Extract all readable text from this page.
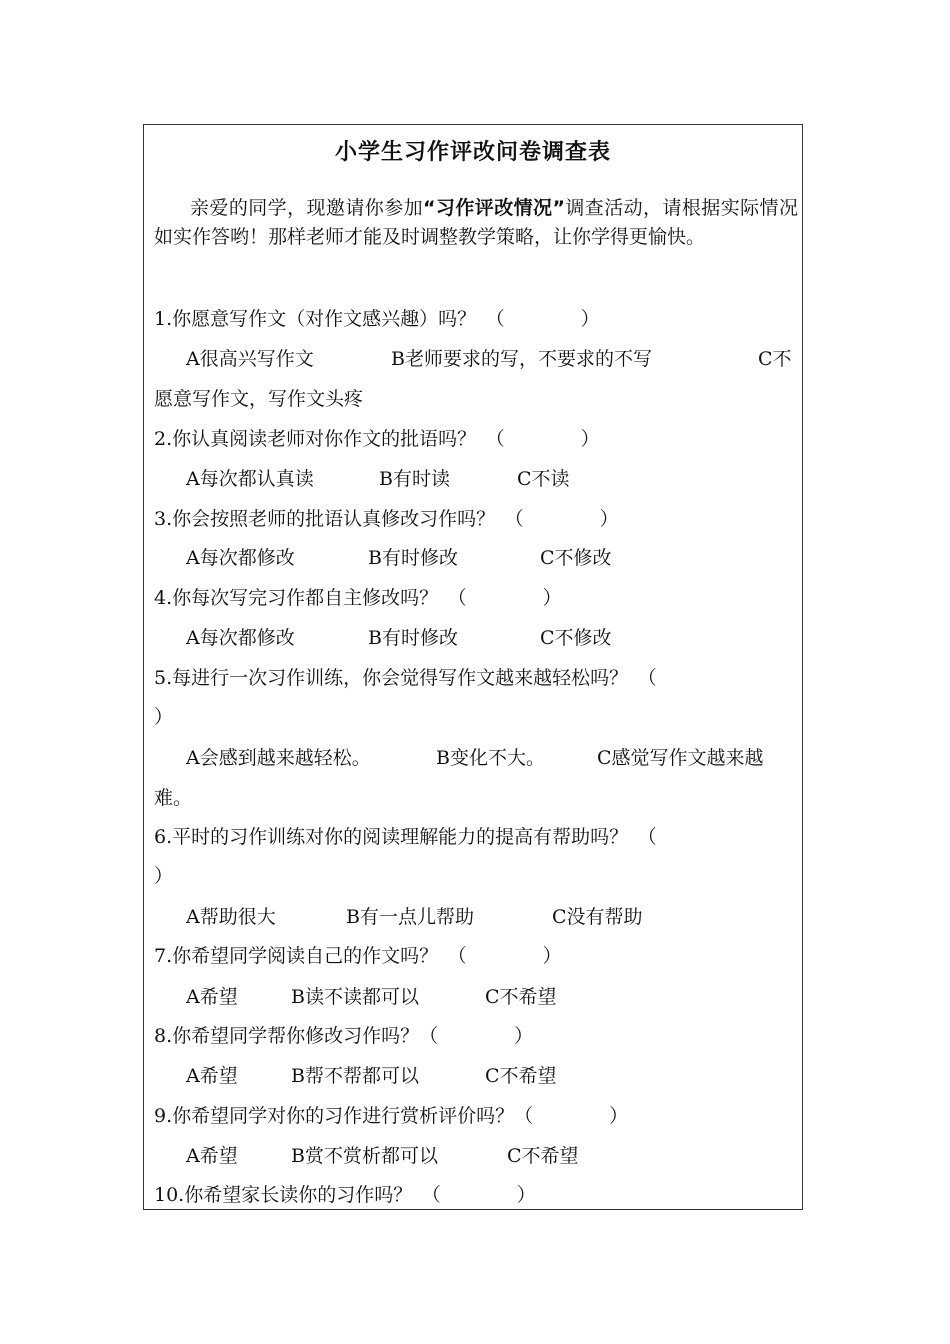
小学生习作评改问卷调查表
亲爱的同学，现邀请你参加“习作评改情况”调查活动，请根据实际情况如实作答哟！那样老师才能及时调整教学策略，让你学得更愉快。
1.你愿意写作文（对作文感兴趣）吗？　（　　　　）
A很高兴写作文	B老师要求的写，不要求的不写	C不
愿意写作文，写作文头疼
2.你认真阅读老师对你作文的批语吗？　（　　　　）
A每次都认真读	B有时读	C不读
3.你会按照老师的批语认真修改习作吗？　（　　　　）
A每次都修改	B有时修改	C不修改
4.你每次写完习作都自主修改吗？　（　　　　）
A每次都修改	B有时修改	C不修改
5.每进行一次习作训练，你会觉得写作文越来越轻松吗？　（
）
A会感到越来越轻松。	B变化不大。	C感觉写作文越来越
难。
6.平时的习作训练对你的阅读理解能力的提高有帮助吗？　（
）
A帮助很大	B有一点儿帮助	C没有帮助
7.你希望同学阅读自己的作文吗？　（　　　　）
A希望	B读不读都可以	C不希望
8.你希望同学帮你修改习作吗？（　　　　）
A希望	B帮不帮都可以	C不希望
9.你希望同学对你的习作进行赏析评价吗？（　　　　）
A希望	B赏不赏析都可以	C不希望
10.你希望家长读你的习作吗？　（　　　　）
